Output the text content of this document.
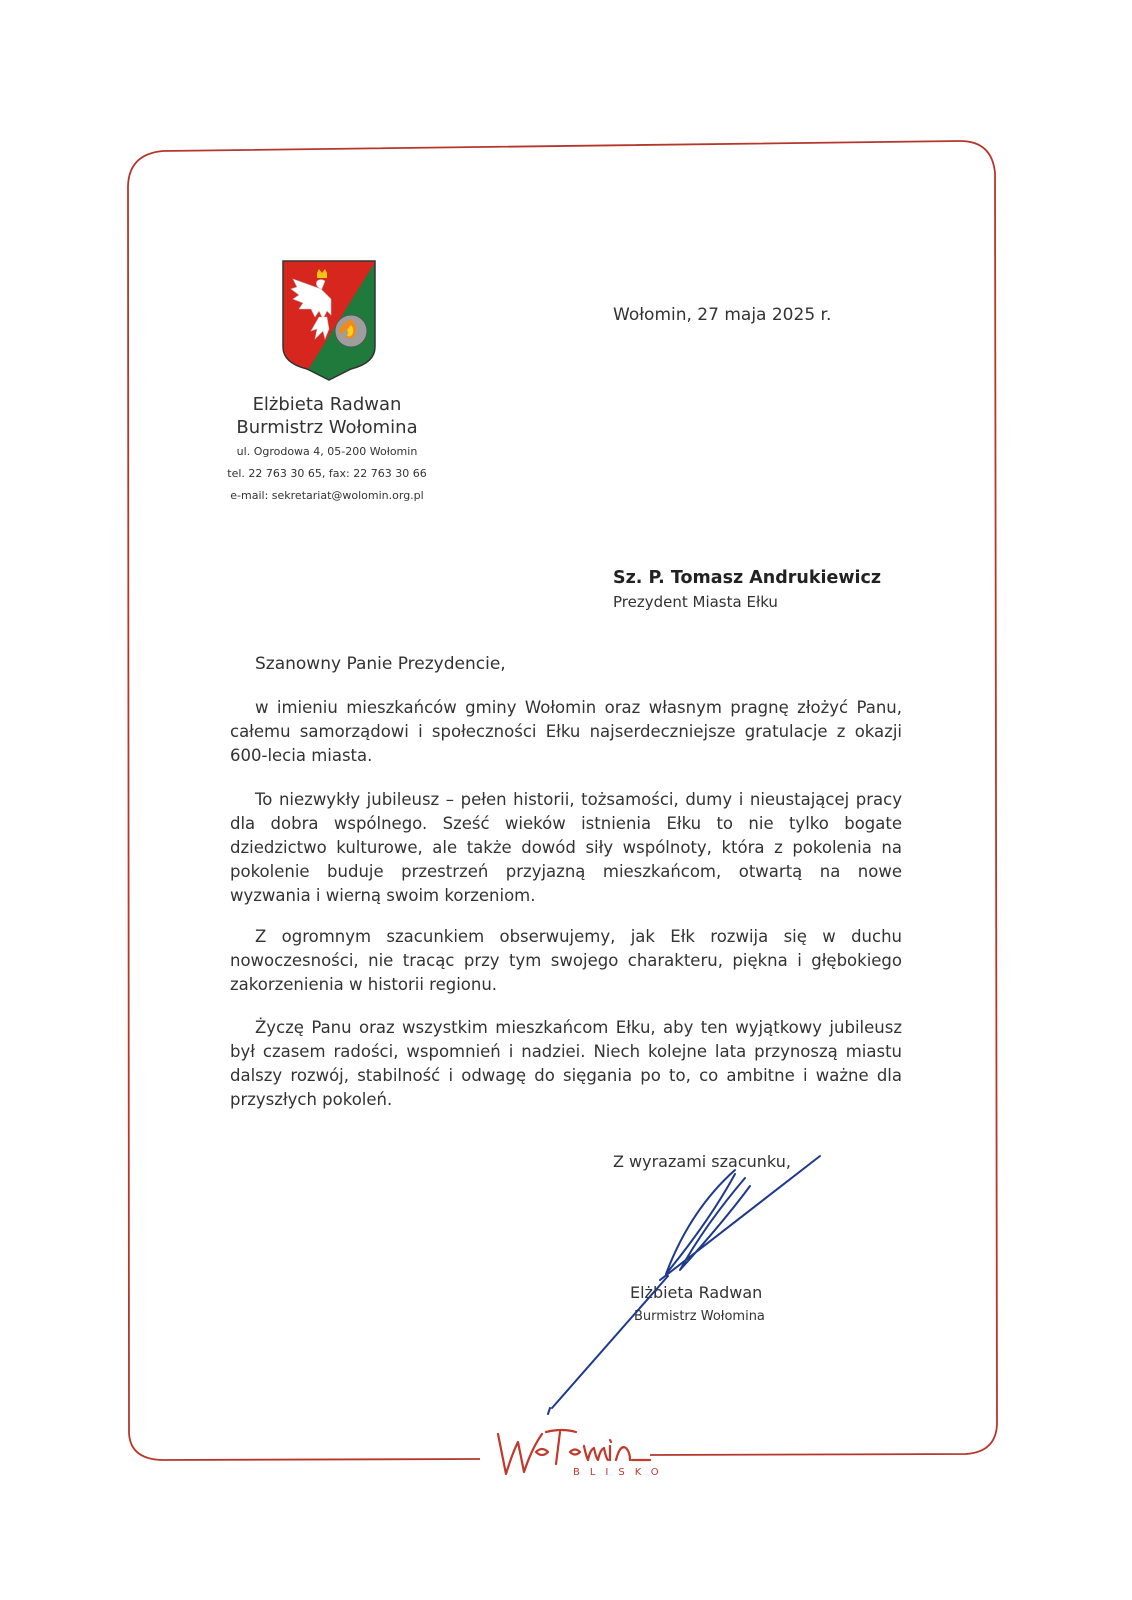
Elżbieta Radwan
Burmistrz Wołomina
ul. Ogrodowa 4, 05-200 Wołomin
tel. 22 763 30 65, fax: 22 763 30 66
e-mail: sekretariat@wolomin.org.pl
Wołomin, 27 maja 2025 r.
Sz. P. Tomasz Andrukiewicz
Prezydent Miasta Ełku
Szanowny Panie Prezydencie,
w imieniu mieszkańców gminy Wołomin oraz własnym pragnę złożyć Panu, całemu samorządowi i społeczności Ełku najserdeczniejsze gratulacje z okazji 600-lecia miasta.
To niezwykły jubileusz – pełen historii, tożsamości, dumy i nieustającej pracy dla dobra wspólnego. Sześć wieków istnienia Ełku to nie tylko bogate dziedzictwo kulturowe, ale także dowód siły wspólnoty, która z pokolenia na pokolenie buduje przestrzeń przyjazną mieszkańcom, otwartą na nowe wyzwania i wierną swoim korzeniom.
Z ogromnym szacunkiem obserwujemy, jak Ełk rozwija się w duchu nowoczesności, nie tracąc przy tym swojego charakteru, piękna i głębokiego zakorzenienia w historii regionu.
Życzę Panu oraz wszystkim mieszkańcom Ełku, aby ten wyjątkowy jubileusz był czasem radości, wspomnień i nadziei. Niech kolejne lata przynoszą miastu dalszy rozwój, stabilność i odwagę do sięgania po to, co ambitne i ważne dla przyszłych pokoleń.
Z wyrazami szacunku,
Elżbieta Radwan
Burmistrz Wołomina
BLISKO
